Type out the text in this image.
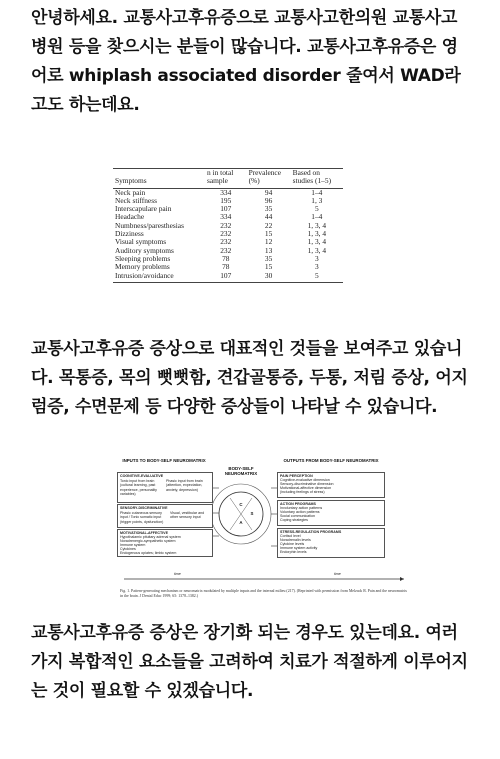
안녕하세요. 교통사고후유증으로 교통사고한의원 교통사고병원 등을 찾으시는 분들이 많습니다. 교통사고후유증은 영어로 whiplash associated disorder 줄여서 WAD라고도 하는데요.

Symptoms	n in total sample	Prevalence (%)	Based on studies (1–5)
Neck pain	334	94	1–4
Neck stiffness	195	96	1, 3
Interscapulare pain	107	35	5
Headache	334	44	1–4
Numbness/paresthesias	232	22	1, 3, 4
Dizziness	232	15	1, 3, 4
Visual symptoms	232	12	1, 3, 4
Auditory symptoms	232	13	1, 3, 4
Sleeping problems	78	35	3
Memory problems	78	15	3
Intrusion/avoidance	107	30	5

교통사고후유증 증상으로 대표적인 것들을 보여주고 있습니다. 목통증, 목의 뻣뻣함, 견갑골통증, 두통, 저림 증상, 어지럼증, 수면문제 등 다양한 증상들이 나타날 수 있습니다.

INPUTS TO BODY-SELF NEUROMATRIX
BODY-SELF NEUROMATRIX
OUTPUTS FROM BODY-SELF NEUROMATRIX
COGNITIVE-EVALUATIVE
Tonic input from brain (cultural learning, past experience, personality variables)
Phasic input from brain (attention, expectation, anxiety, depression)
SENSORY-DISCRIMINATIVE
Phasic cutaneous sensory input / Tonic somatic input (trigger points, dysfunction)
Visual, vestibular and other sensory input
MOTIVATIONAL-AFFECTIVE
Hypothalamic pituitary adrenal system
Noradrenergic-sympathetic system
Immune system
Cytokines
Endogenous opiates; limbic system
C
S
A
PAIN PERCEPTION
Cognitive-evaluative dimension
Sensory-discriminative dimension
Motivational-affective dimension
(including feelings of stress)
ACTION PROGRAMS
Involuntary action patterns
Voluntary action patterns
Social communication
Coping strategies
STRESS-REGULATION PROGRAMS
Cortisol level
Noradrenalin levels
Cytokine levels
Immune system activity
Endorphin levels
time	time
Fig. 1. Pattern-generating mechanism or neuromatrix modulated by multiple inputs and the internal milieu (217). (Reprinted with permission from Melzack R. Pain and the neuromatrix in the brain. J Dental Educ 1999; 65: 1378–1382.)

교통사고후유증 증상은 장기화 되는 경우도 있는데요. 여러가지 복합적인 요소들을 고려하여 치료가 적절하게 이루어지는 것이 필요할 수 있겠습니다.
